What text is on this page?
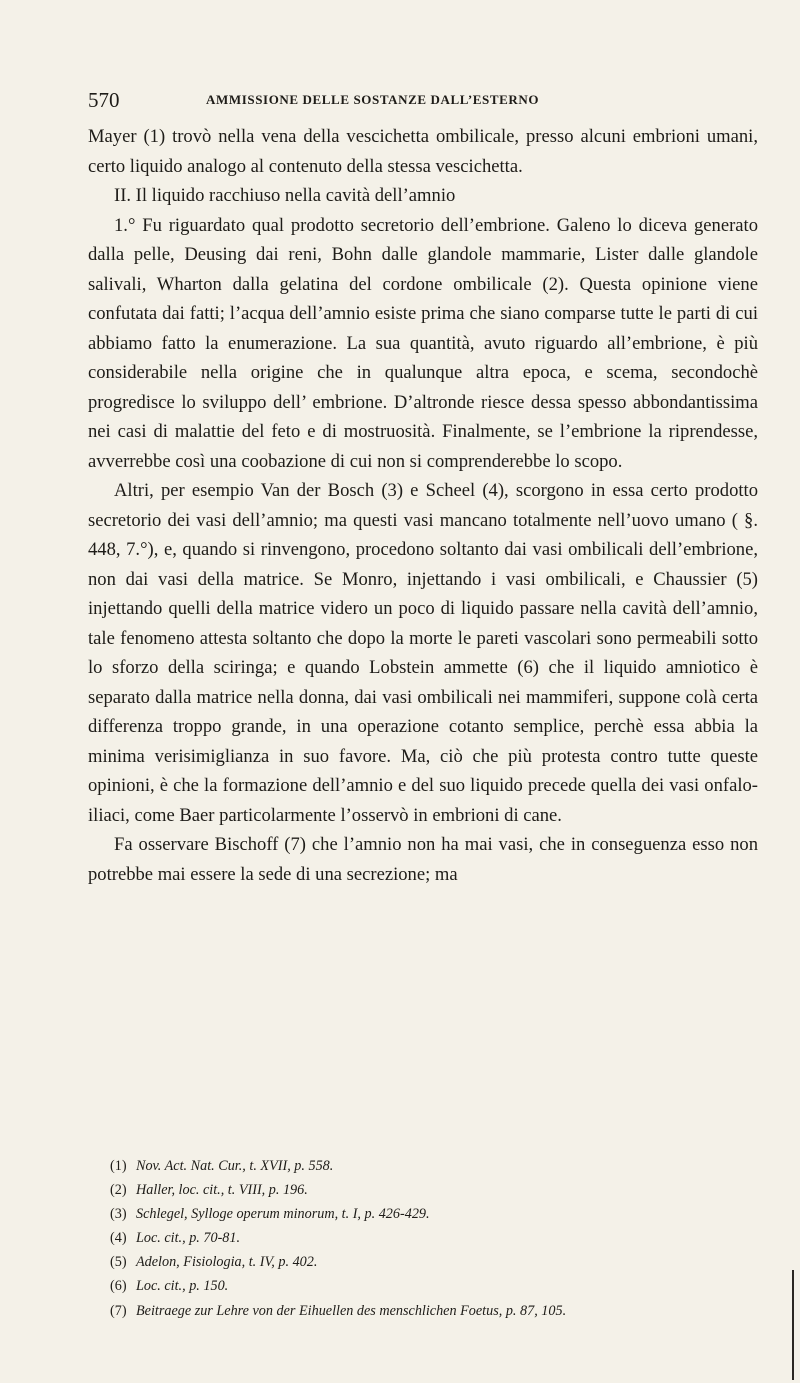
570	AMMISSIONE DELLE SOSTANZE DALL’ESTERNO

Mayer (1) trovò nella vena della vescichetta ombilicale, presso alcuni embrioni umani, certo liquido analogo al contenuto della stessa vescichetta.

II. Il liquido racchiuso nella cavità dell’amnio

1.° Fu riguardato qual prodotto secretorio dell’embrione. Galeno lo diceva generato dalla pelle, Deusing dai reni, Bohn dalle glandole mammarie, Lister dalle glandole salivali, Wharton dalla gelatina del cordone ombilicale (2). Questa opinione viene confutata dai fatti; l’acqua dell’amnio esiste prima che siano comparse tutte le parti di cui abbiamo fatto la enumerazione. La sua quantità, avuto riguardo all’embrione, è più considerabile nella origine che in qualunque altra epoca, e scema, secondochè progredisce lo sviluppo dell’ embrione. D’altronde riesce dessa spesso abbondantissima nei casi di malattie del feto e di mostruosità. Finalmente, se l’embrione la riprendesse, avverrebbe così una coobazione di cui non si comprenderebbe lo scopo.

Altri, per esempio Van der Bosch (3) e Scheel (4), scorgono in essa certo prodotto secretorio dei vasi dell’amnio; ma questi vasi mancano totalmente nell’uovo umano ( §. 448, 7.°), e, quando si rinvengono, procedono soltanto dai vasi ombilicali dell’embrione, non dai vasi della matrice. Se Monro, injettando i vasi ombilicali, e Chaussier (5) injettando quelli della matrice videro un poco di liquido passare nella cavità dell’amnio, tale fenomeno attesta soltanto che dopo la morte le pareti vascolari sono permeabili sotto lo sforzo della sciringa; e quando Lobstein ammette (6) che il liquido amniotico è separato dalla matrice nella donna, dai vasi ombilicali nei mammiferi, suppone colà certa differenza troppo grande, in una operazione cotanto semplice, perchè essa abbia la minima verisimiglianza in suo favore. Ma, ciò che più protesta contro tutte queste opinioni, è che la formazione dell’amnio e del suo liquido precede quella dei vasi onfalo-iliaci, come Baer particolarmente l’osservò in embrioni di cane.

Fa osservare Bischoff (7) che l’amnio non ha mai vasi, che in conseguenza esso non potrebbe mai essere la sede di una secrezione; ma

(1) Nov. Act. Nat. Cur., t. XVII, p. 558.
(2) Haller, loc. cit., t. VIII, p. 196.
(3) Schlegel, Sylloge operum minorum, t. I, p. 426-429.
(4) Loc. cit., p. 70-81.
(5) Adelon, Fisiologia, t. IV, p. 402.
(6) Loc. cit., p. 150.
(7) Beitraege zur Lehre von der Eihuellen des menschlichen Foetus, p. 87, 105.
